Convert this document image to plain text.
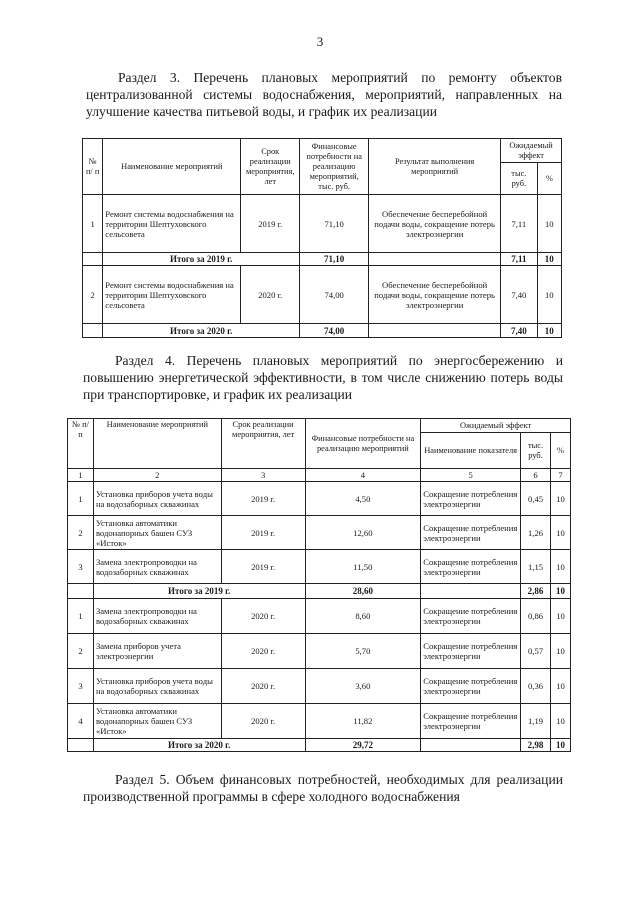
3

Раздел 3. Перечень плановых мероприятий по ремонту объектов централизованной системы водоснабжения, мероприятий, направленных на улучшение качества питьевой воды, и график их реализации

№ п/ п	Наименование мероприятий	Срок реализации мероприятия, лет	Финансовые потребности на реализацию мероприятий, тыс. руб.	Результат выполнения мероприятий	Ожидаемый эффект	
					тыс. руб.	%
1	Ремонт системы водоснабжения на территории Шептуховского сельсовета	2019 г.	71,10	Обеспечение бесперебойной подачи воды, сокращение потерь электроэнергии	7,11	10
	Итого за 2019 г.		71,10		7,11	10
2	Ремонт системы водоснабжения на территории Шептуховского сельсовета	2020 г.	74,00	Обеспечение бесперебойной подачи воды, сокращение потерь электроэнергии	7,40	10
	Итого за 2020 г.		74,00		7,40	10

Раздел 4. Перечень плановых мероприятий по энергосбережению и повышению энергетической эффективности, в том числе снижению потерь воды при транспортировке, и график их реализации

№ п/п	Наименование мероприятий	Срок реализации мероприятия, лет	Финансовые потребности на реализацию мероприятий	Ожидаемый эффект		
				Наименование показателя	тыс. руб.	%
1	2	3	4	5	6	7
1	Установка приборов учета воды на водозаборных скважинах	2019 г.	4,50	Сокращение потребления электроэнергии	0,45	10
2	Установка автоматики водонапорных башен СУЗ «Исток»	2019 г.	12,60	Сокращение потребления электроэнергии	1,26	10
3	Замена электропроводки на водозаборных скважинах	2019 г.	11,50	Сокращение потребления электроэнергии	1,15	10
	Итого за 2019 г.		28,60		2,86	10
1	Замена электропроводки на водозаборных скважинах	2020 г.	8,60	Сокращение потребления электроэнергии	0,86	10
2	Замена приборов учета электроэнергии	2020 г.	5,70	Сокращение потребления электроэнергии	0,57	10
3	Установка приборов учета воды на водозаборных скважинах	2020 г.	3,60	Сокращение потребления электроэнергии	0,36	10
4	Установка автоматики водонапорных башен СУЗ «Исток»	2020 г.	11,82	Сокращение потребления электроэнергии	1,19	10
	Итого за 2020 г.		29,72		2,98	10

Раздел 5. Объем финансовых потребностей, необходимых для реализации производственной программы в сфере холодного водоснабжения
